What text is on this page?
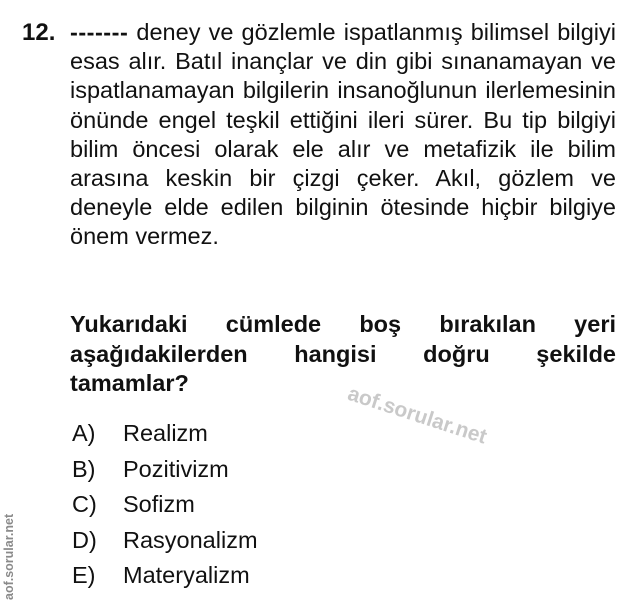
12. ------- deney ve gözlemle ispatlanmış bilimsel bilgiyi esas alır. Batıl inançlar ve din gibi sınanamayan ve ispatlanamayan bilgilerin insanoğlunun ilerlemesinin önünde engel teşkil ettiğini ileri sürer. Bu tip bilgiyi bilim öncesi olarak ele alır ve metafizik ile bilim arasına keskin bir çizgi çeker. Akıl, gözlem ve deneyle elde edilen bilginin ötesinde hiçbir bilgiye önem vermez.

Yukarıdaki cümlede boş bırakılan yeri aşağıdakilerden hangisi doğru şekilde tamamlar?

A) Realizm
B) Pozitivizm
C) Sofizm
D) Rasyonalizm
E) Materyalizm
aof.sorular.net
aof.sorular.net
